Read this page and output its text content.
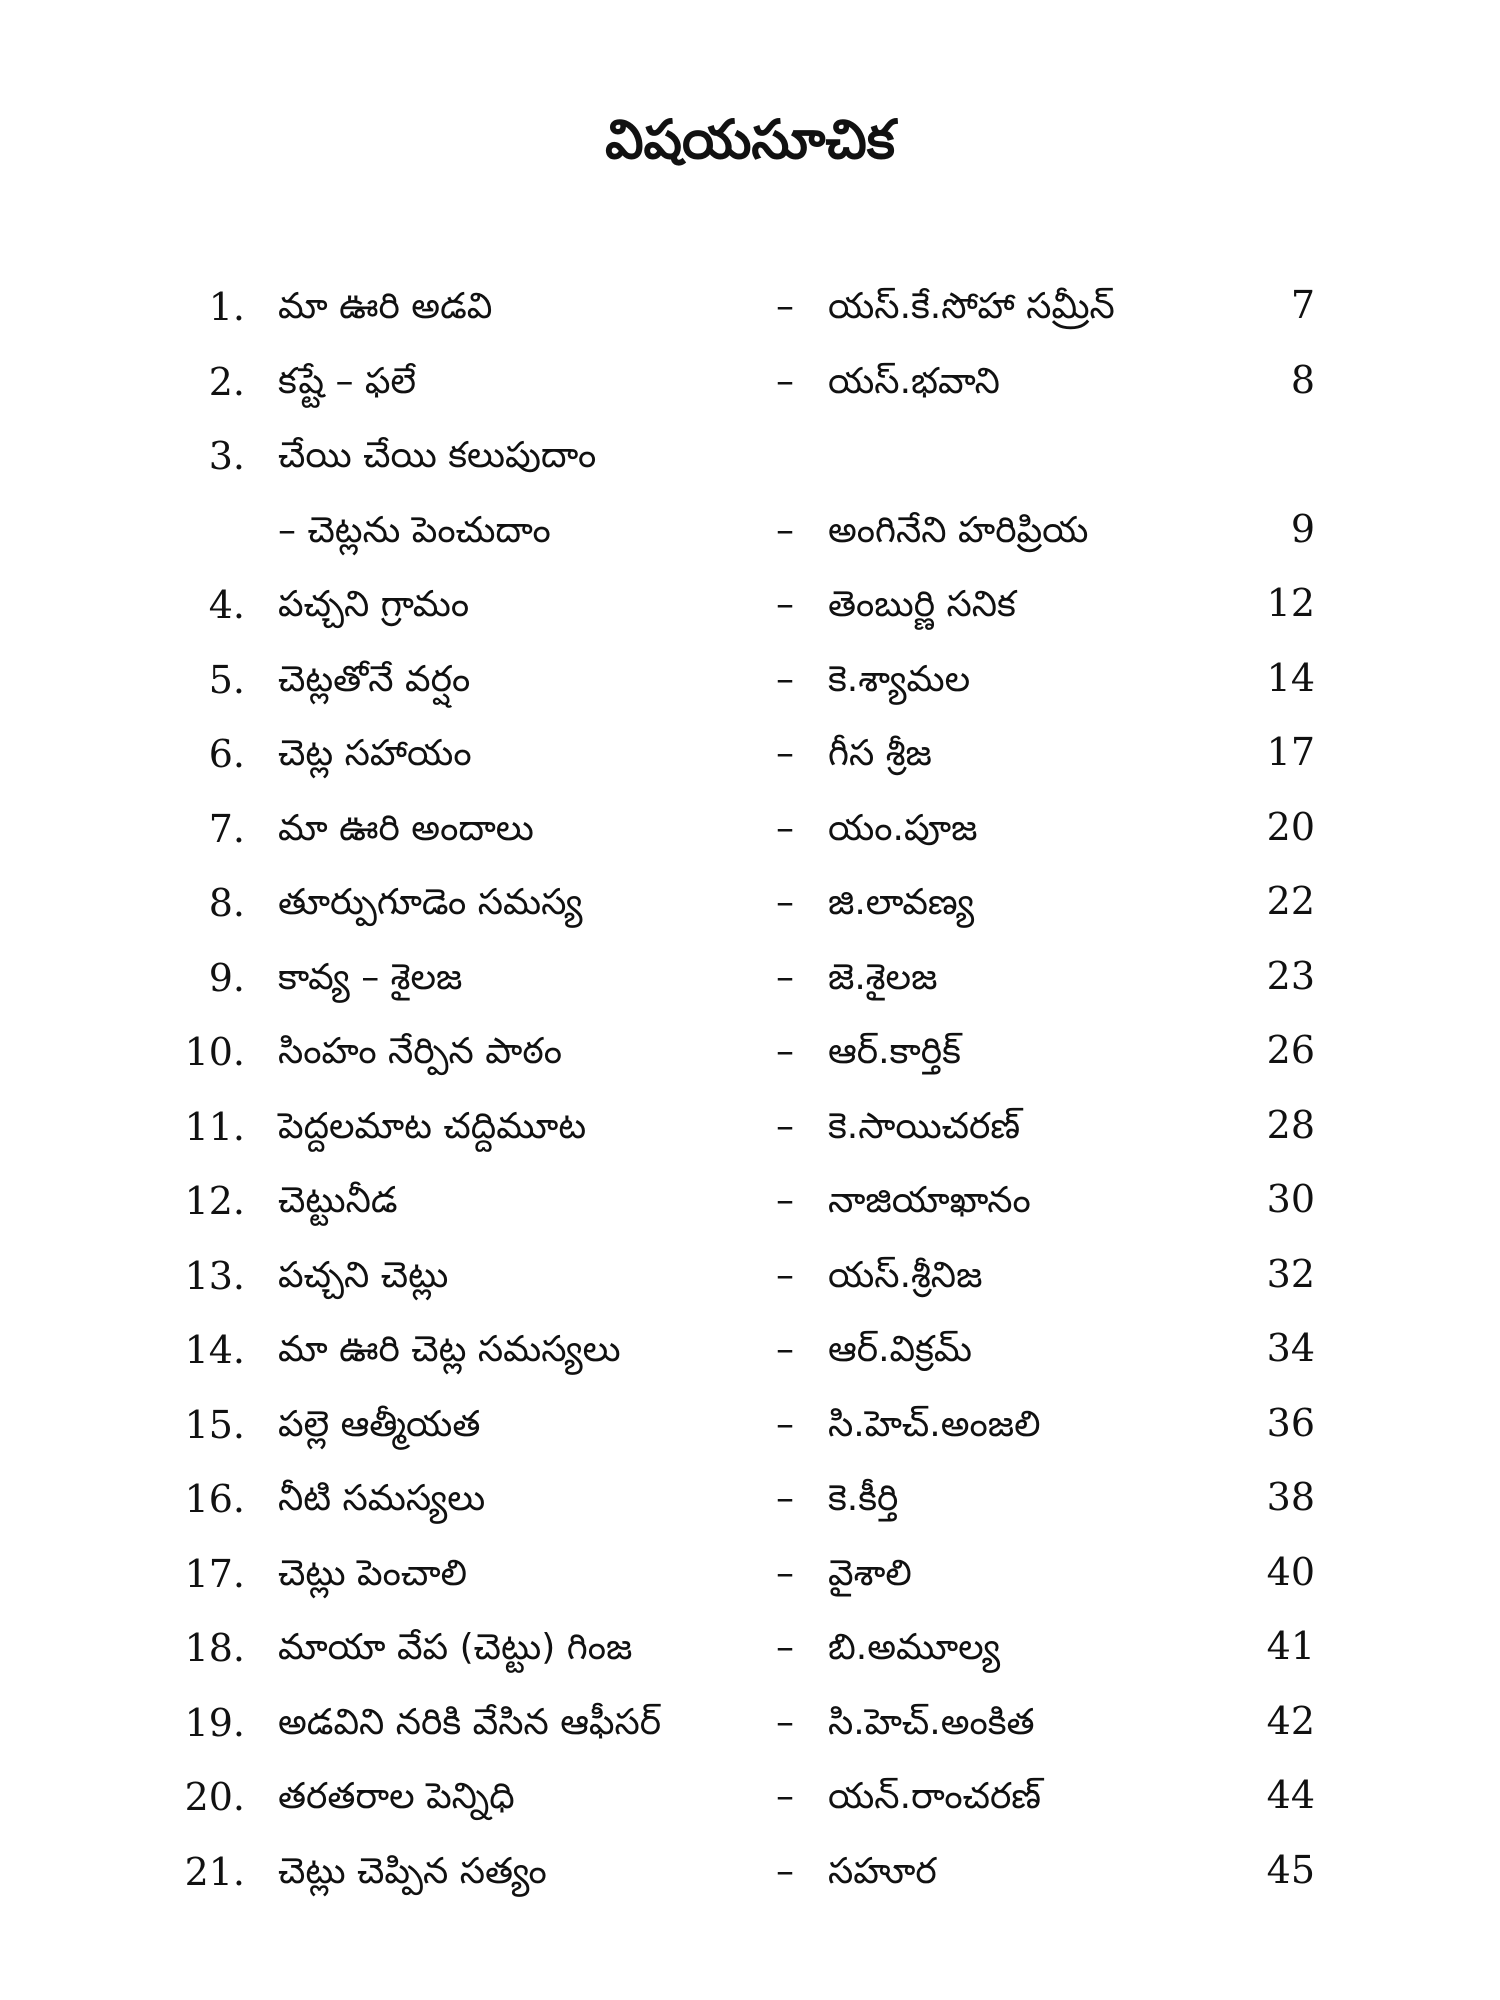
విషయసూచిక
1. మా ఊరి అడవి	– యస్.కే.సోహా సమ్రీన్	7
2. కష్టే – ఫలే	– యస్.భవాని	8
3. చేయి చేయి కలుపుదాం
– చెట్లను పెంచుదాం	– అంగినేని హరిప్రియ	9
4. పచ్చని గ్రామం	– తెంబుర్ణి సనిక	12
5. చెట్లతోనే వర్షం	– కె.శ్యామల	14
6. చెట్ల సహాయం	– గీస శ్రీజ	17
7. మా ఊరి అందాలు	– యం.పూజ	20
8. తూర్పుగూడెం సమస్య	– జి.లావణ్య	22
9. కావ్య – శైలజ	– జె.శైలజ	23
10. సింహం నేర్పిన పాఠం	– ఆర్.కార్తిక్	26
11. పెద్దలమాట చద్దిమూట	– కె.సాయిచరణ్	28
12. చెట్టునీడ	– నాజియాఖానం	30
13. పచ్చని చెట్లు	– యస్.శ్రీనిజ	32
14. మా ఊరి చెట్ల సమస్యలు	– ఆర్.విక్రమ్	34
15. పల్లె ఆత్మీయత	– సి.హెచ్.అంజలి	36
16. నీటి సమస్యలు	– కె.కీర్తి	38
17. చెట్లు పెంచాలి	– వైశాలి	40
18. మాయా వేప (చెట్టు) గింజ	– బి.అమూల్య	41
19. అడవిని నరికి వేసిన ఆఫీసర్	– సి.హెచ్.అంకిత	42
20. తరతరాల పెన్నిధి	– యన్.రాంచరణ్	44
21. చెట్లు చెప్పిన సత్యం	– సహూర	45
